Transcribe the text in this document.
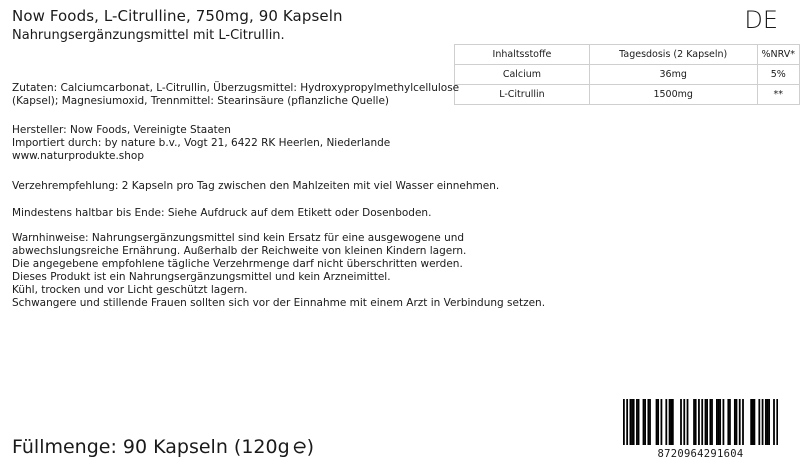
Now Foods, L-Citrulline, 750mg, 90 Kapseln
Nahrungsergänzungsmittel mit L-Citrullin.
DE
Inhaltsstoffe	Tagesdosis (2 Kapseln)	%NRV*
Calcium	36mg	5%
L-Citrullin	1500mg	**
Zutaten: Calciumcarbonat, L-Citrullin, Überzugsmittel: Hydroxypropylmethylcellulose
(Kapsel); Magnesiumoxid, Trennmittel: Stearinsäure (pflanzliche Quelle)
Hersteller: Now Foods, Vereinigte Staaten
Importiert durch: by nature b.v., Vogt 21, 6422 RK Heerlen, Niederlande
www.naturprodukte.shop
Verzehrempfehlung: 2 Kapseln pro Tag zwischen den Mahlzeiten mit viel Wasser einnehmen.
Mindestens haltbar bis Ende: Siehe Aufdruck auf dem Etikett oder Dosenboden.
Warnhinweise: Nahrungsergänzungsmittel sind kein Ersatz für eine ausgewogene und
abwechslungsreiche Ernährung. Außerhalb der Reichweite von kleinen Kindern lagern.
Die angegebene empfohlene tägliche Verzehrmenge darf nicht überschritten werden.
Dieses Produkt ist ein Nahrungsergänzungsmittel und kein Arzneimittel.
Kühl, trocken und vor Licht geschützt lagern.
Schwangere und stillende Frauen sollten sich vor der Einnahme mit einem Arzt in Verbindung setzen.
Füllmenge: 90 Kapseln (120g )	8720964291604
